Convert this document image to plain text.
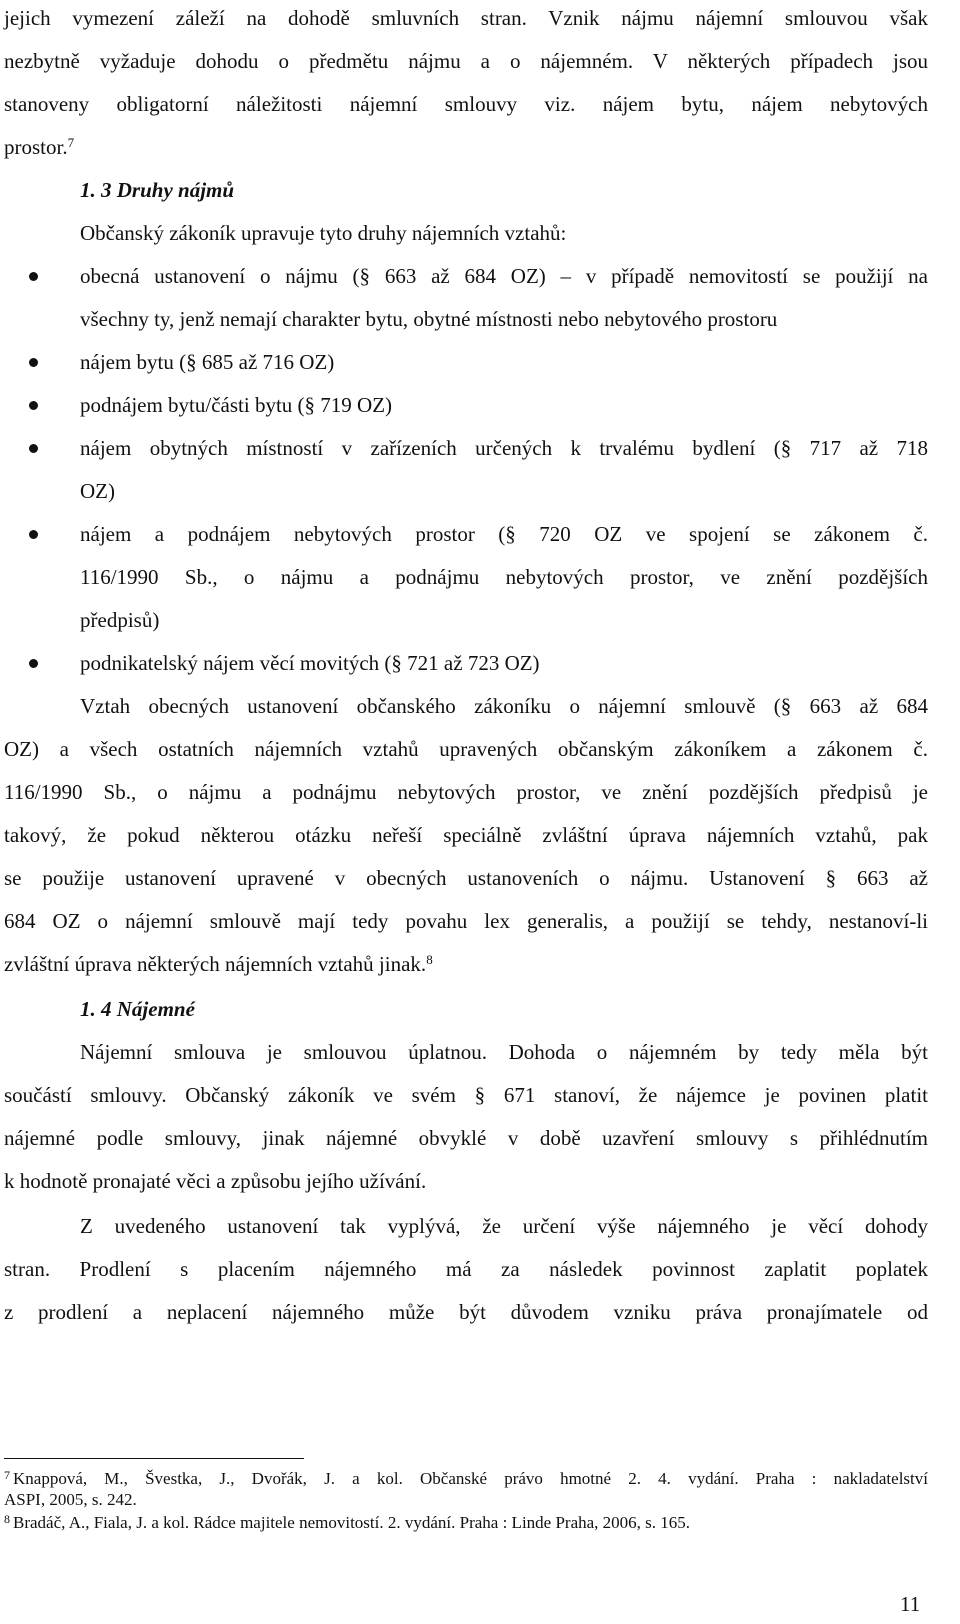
jejich vymezení záleží na dohodě smluvních stran. Vznik nájmu nájemní smlouvou však
nezbytně vyžaduje dohodu o předmětu nájmu a o nájemném. V některých případech jsou
stanoveny obligatorní náležitosti nájemní smlouvy viz. nájem bytu, nájem nebytových
prostor.$^7$
1. 3 Druhy nájmů
Občanský zákoník upravuje tyto druhy nájemních vztahů:
obecná ustanovení o nájmu (§ 663 až 684 OZ) – v případě nemovitostí se použijí na
všechny ty, jenž nemají charakter bytu, obytné místnosti nebo nebytového prostoru
nájem bytu (§ 685 až 716 OZ)
podnájem bytu/části bytu (§ 719 OZ)
nájem obytných místností v zařízeních určených k trvalému bydlení (§ 717 až 718
OZ)
nájem a podnájem nebytových prostor (§ 720 OZ ve spojení se zákonem č.
116/1990 Sb., o nájmu a podnájmu nebytových prostor, ve znění pozdějších
předpisů)
podnikatelský nájem věcí movitých (§ 721 až 723 OZ)
Vztah obecných ustanovení občanského zákoníku o nájemní smlouvě (§ 663 až 684
OZ) a všech ostatních nájemních vztahů upravených občanským zákoníkem a zákonem č.
116/1990 Sb., o nájmu a podnájmu nebytových prostor, ve znění pozdějších předpisů je
takový, že pokud některou otázku neřeší speciálně zvláštní úprava nájemních vztahů, pak
se použije ustanovení upravené v obecných ustanoveních o nájmu. Ustanovení § 663 až
684 OZ o nájemní smlouvě mají tedy povahu lex generalis, a použijí se tehdy, nestanoví-li
zvláštní úprava některých nájemních vztahů jinak.$^8$
1. 4 Nájemné
Nájemní smlouva je smlouvou úplatnou. Dohoda o nájemném by tedy měla být
součástí smlouvy. Občanský zákoník ve svém § 671 stanoví, že nájemce je povinen platit
nájemné podle smlouvy, jinak nájemné obvyklé v době uzavření smlouvy s přihlédnutím
k hodnotě pronajaté věci a způsobu jejího užívání.
Z uvedeného ustanovení tak vyplývá, že určení výše nájemného je věcí dohody
stran. Prodlení s placením nájemného má za následek povinnost zaplatit poplatek
z prodlení a neplacení nájemného může být důvodem vzniku práva pronajímatele od
$^7$ Knappová, M., Švestka, J., Dvořák, J. a kol. Občanské právo hmotné 2. 4. vydání. Praha : nakladatelství
ASPI, 2005, s. 242.
$^8$ Bradáč, A., Fiala, J. a kol. Rádce majitele nemovitostí. 2. vydání. Praha : Linde Praha, 2006, s. 165.
11
